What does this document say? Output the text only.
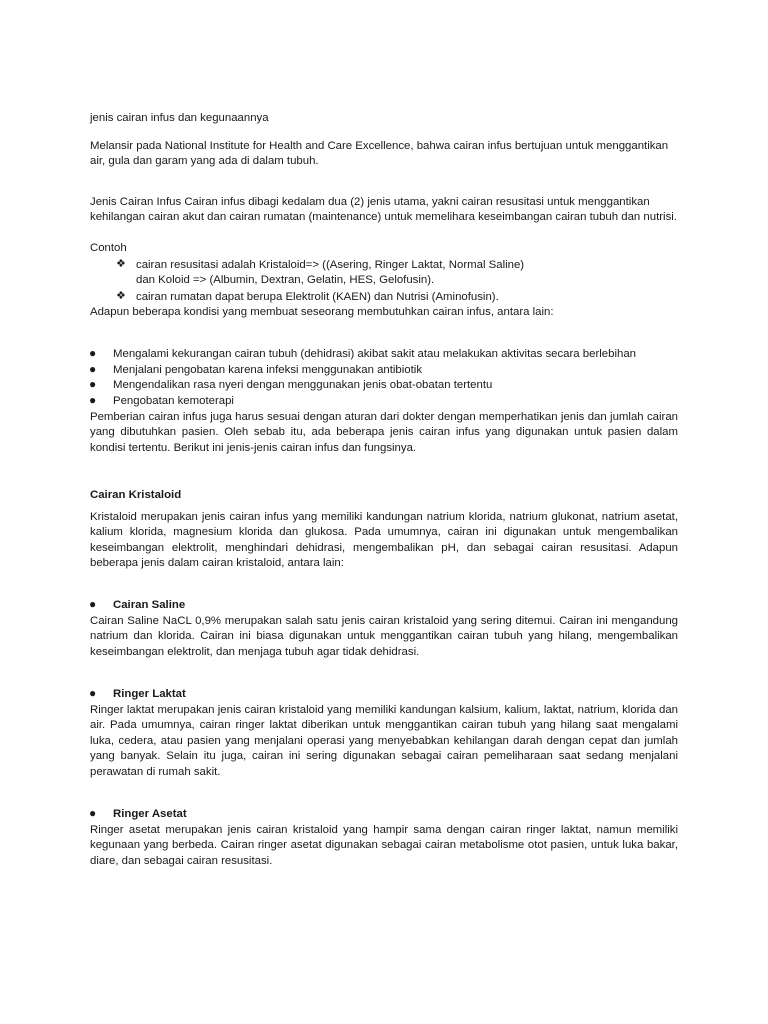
jenis cairan infus dan kegunaannya

Melansir pada National Institute for Health and Care Excellence, bahwa cairan infus bertujuan untuk menggantikan air, gula dan garam yang ada di dalam tubuh.

Jenis Cairan Infus Cairan infus dibagi kedalam dua (2) jenis utama, yakni cairan resusitasi untuk menggantikan kehilangan cairan akut dan cairan rumatan (maintenance) untuk memelihara keseimbangan cairan tubuh dan nutrisi.

Contoh
❖ cairan resusitasi adalah Kristaloid=> ((Asering, Ringer Laktat, Normal Saline)
dan Koloid => (Albumin, Dextran, Gelatin, HES, Gelofusin).
❖ cairan rumatan dapat berupa Elektrolit (KAEN) dan Nutrisi (Aminofusin).
Adapun beberapa kondisi yang membuat seseorang membutuhkan cairan infus, antara lain:
● Mengalami kekurangan cairan tubuh (dehidrasi) akibat sakit atau melakukan aktivitas secara berlebihan
● Menjalani pengobatan karena infeksi menggunakan antibiotik
● Mengendalikan rasa nyeri dengan menggunakan jenis obat-obatan tertentu
● Pengobatan kemoterapi

Pemberian cairan infus juga harus sesuai dengan aturan dari dokter dengan memperhatikan jenis dan jumlah cairan yang dibutuhkan pasien. Oleh sebab itu, ada beberapa jenis cairan infus yang digunakan untuk pasien dalam kondisi tertentu. Berikut ini jenis-jenis cairan infus dan fungsinya.

Cairan Kristaloid

Kristaloid merupakan jenis cairan infus yang memiliki kandungan natrium klorida, natrium glukonat, natrium asetat, kalium klorida, magnesium klorida dan glukosa. Pada umumnya, cairan ini digunakan untuk mengembalikan keseimbangan elektrolit, menghindari dehidrasi, mengembalikan pH, dan sebagai cairan resusitasi. Adapun beberapa jenis dalam cairan kristaloid, antara lain:

● Cairan Saline

Cairan Saline NaCL 0,9% merupakan salah satu jenis cairan kristaloid yang sering ditemui. Cairan ini mengandung natrium dan klorida. Cairan ini biasa digunakan untuk menggantikan cairan tubuh yang hilang, mengembalikan keseimbangan elektrolit, dan menjaga tubuh agar tidak dehidrasi.

● Ringer Laktat

Ringer laktat merupakan jenis cairan kristaloid yang memiliki kandungan kalsium, kalium, laktat, natrium, klorida dan air. Pada umumnya, cairan ringer laktat diberikan untuk menggantikan cairan tubuh yang hilang saat mengalami luka, cedera, atau pasien yang menjalani operasi yang menyebabkan kehilangan darah dengan cepat dan jumlah yang banyak. Selain itu juga, cairan ini sering digunakan sebagai cairan pemeliharaan saat sedang menjalani perawatan di rumah sakit.

● Ringer Asetat

Ringer asetat merupakan jenis cairan kristaloid yang hampir sama dengan cairan ringer laktat, namun memiliki kegunaan yang berbeda. Cairan ringer asetat digunakan sebagai cairan metabolisme otot pasien, untuk luka bakar, diare, dan sebagai cairan resusitasi.
